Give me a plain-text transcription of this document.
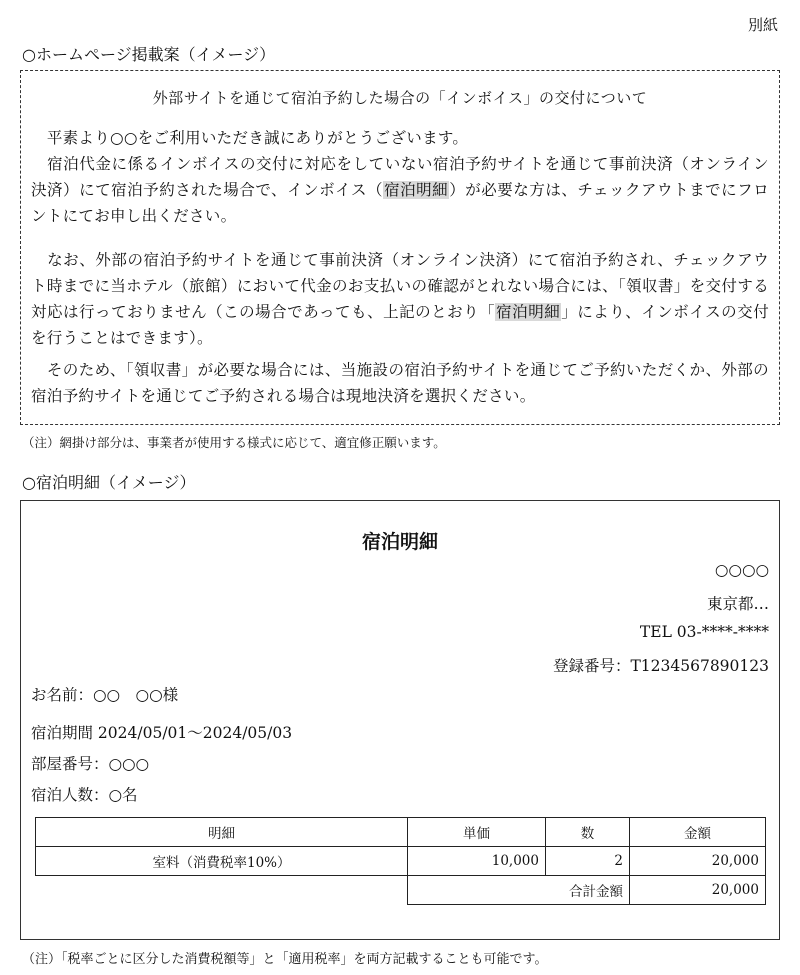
別紙
○ホームページ掲載案（イメージ）
外部サイトを通じて宿泊予約した場合の「インボイス」の交付について
　平素より○○をご利用いただき誠にありがとうございます。
　宿泊代金に係るインボイスの交付に対応をしていない宿泊予約サイトを通じて事前決済（オンライン決済）にて宿泊予約された場合で、インボイス（宿泊明細）が必要な方は、チェックアウトまでにフロントにてお申し出ください。
　なお、外部の宿泊予約サイトを通じて事前決済（オンライン決済）にて宿泊予約され、チェックアウト時までに当ホテル（旅館）において代金のお支払いの確認がとれない場合には、「領収書」を交付する対応は行っておりません（この場合であっても、上記のとおり「宿泊明細」により、インボイスの交付を行うことはできます）。
　そのため、「領収書」が必要な場合には、当施設の宿泊予約サイトを通じてご予約いただくか、外部の宿泊予約サイトを通じてご予約される場合は現地決済を選択ください。
（注）網掛け部分は、事業者が使用する様式に応じて、適宜修正願います。
○宿泊明細（イメージ）
宿泊明細
○○○○
東京都…
TEL 03-****-****
登録番号：T1234567890123
お名前：○○　○○様
宿泊期間 2024/05/01～2024/05/03
部屋番号：○○○
宿泊人数：○名
明細	単価	数	金額
室料（消費税率10%）	10,000	2	20,000
	合計金額		20,000
（注）「税率ごとに区分した消費税額等」と「適用税率」を両方記載することも可能です。
